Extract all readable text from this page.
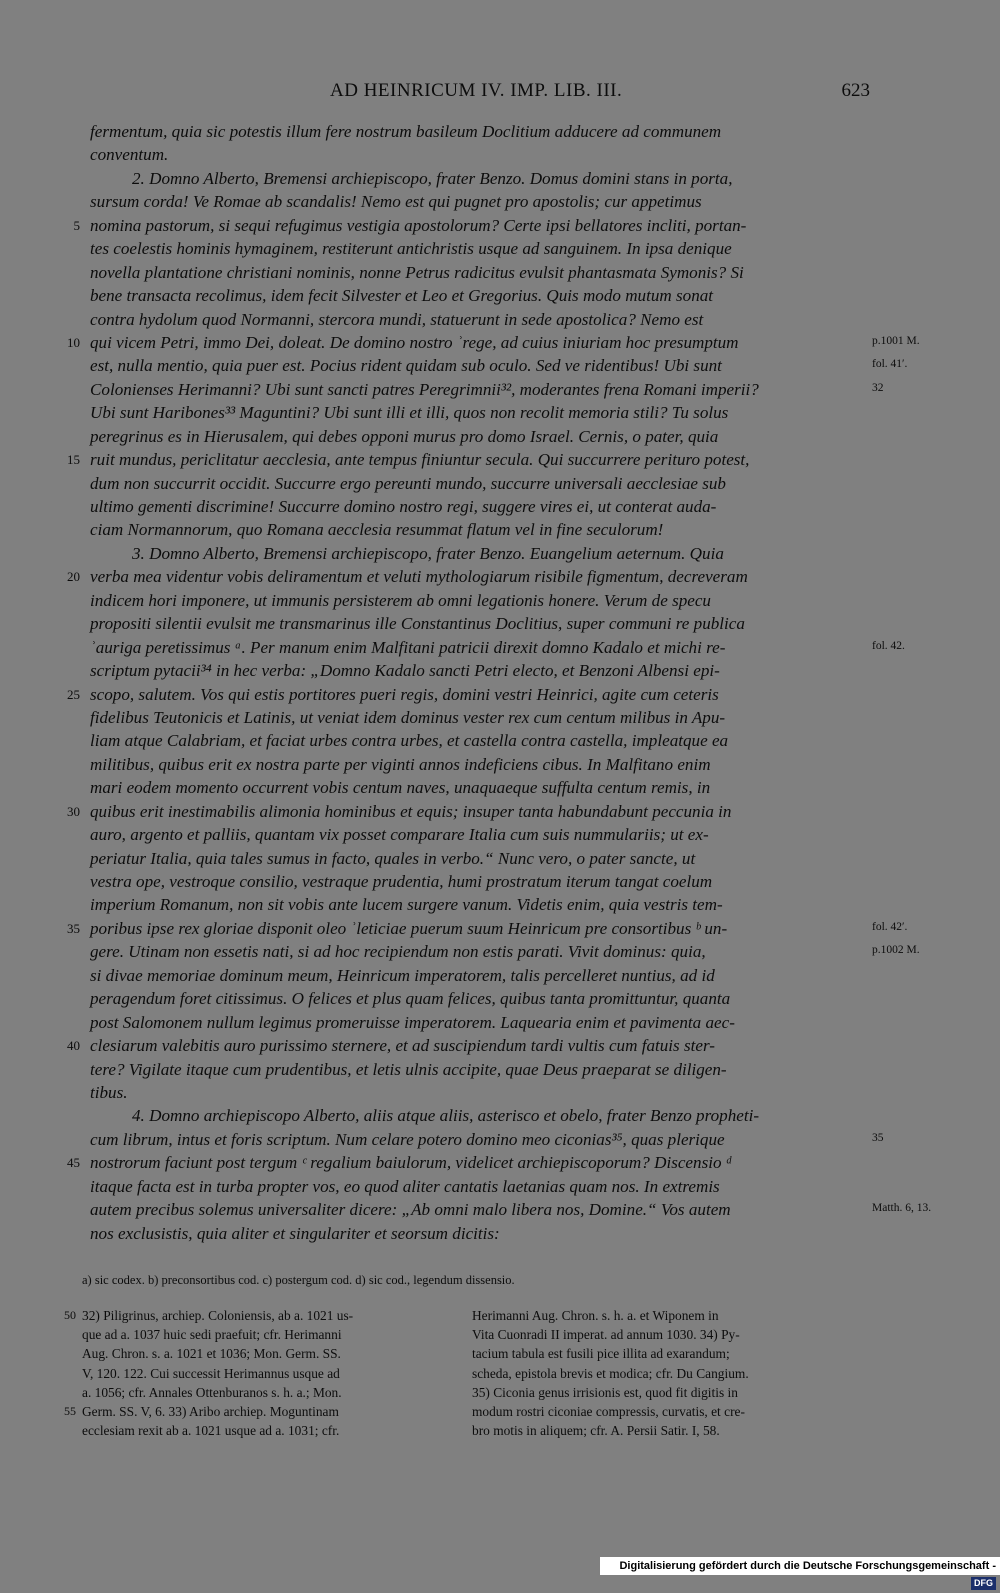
AD HEINRICUM IV. IMP. LIB. III.	623
fermentum, quia sic potestis illum fere nostrum basileum Doclitium adducere ad communem
conventum.
2. Domno Alberto, Bremensi archiepiscopo, frater Benzo. Domus domini stans in porta,
sursum corda! Ve Romae ab scandalis! Nemo est qui pugnet pro apostolis; cur appetimus
5 nomina pastorum, si sequi refugimus vestigia apostolorum? Certe ipsi bellatores incliti, portan-
tes coelestis hominis hymaginem, restiterunt antichristis usque ad sanguinem. In ipsa denique
novella plantatione christiani nominis, nonne Petrus radicitus evulsit phantasmata Symonis? Si
bene transacta recolimus, idem fecit Silvester et Leo et Gregorius. Quis modo mutum sonat
contra hydolum quod Normanni, stercora mundi, statuerunt in sede apostolica? Nemo est
10 qui vicem Petri, immo Dei, doleat. De domino nostro ʾrege, ad cuius iniuriam hoc presumptum	p.1001 M.
est, nulla mentio, quia puer est. Pocius rident quidam sub oculo. Sed ve ridentibus! Ubi sunt	fol. 41′.
Colonienses Herimanni? Ubi sunt sancti patres Peregrimnii³², moderantes frena Romani imperii?	32
Ubi sunt Haribones³³ Maguntini? Ubi sunt illi et illi, quos non recolit memoria stili? Tu solus
peregrinus es in Hierusalem, qui debes opponi murus pro domo Israel. Cernis, o pater, quia
15 ruit mundus, periclitatur aecclesia, ante tempus finiuntur secula. Qui succurrere perituro potest,
dum non succurrit occidit. Succurre ergo pereunti mundo, succurre universali aecclesiae sub
ultimo gementi discrimine! Succurre domino nostro regi, suggere vires ei, ut conterat auda-
ciam Normannorum, quo Romana aecclesia resummat flatum vel in fine seculorum!
3. Domno Alberto, Bremensi archiepiscopo, frater Benzo. Euangelium aeternum. Quia
20 verba mea videntur vobis deliramentum et veluti mythologiarum risibile figmentum, decreveram
indicem hori imponere, ut immunis persisterem ab omni legationis honere. Verum de specu
propositi silentii evulsit me transmarinus ille Constantinus Doclitius, super communi re publica
ʾauriga peretissimus ᵃ. Per manum enim Malfitani patricii direxit domno Kadalo et michi re-	fol. 42.
scriptum pytacii³⁴ in hec verba: „Domno Kadalo sancti Petri electo, et Benzoni Albensi epi-
25 scopo, salutem. Vos qui estis portitores pueri regis, domini vestri Heinrici, agite cum ceteris
fidelibus Teutonicis et Latinis, ut veniat idem dominus vester rex cum centum milibus in Apu-
liam atque Calabriam, et faciat urbes contra urbes, et castella contra castella, impleatque ea
militibus, quibus erit ex nostra parte per viginti annos indeficiens cibus. In Malfitano enim
mari eodem momento occurrent vobis centum naves, unaquaeque suffulta centum remis, in
30 quibus erit inestimabilis alimonia hominibus et equis; insuper tanta habundabunt peccunia in
auro, argento et palliis, quantam vix posset comparare Italia cum suis nummulariis; ut ex-
periatur Italia, quia tales sumus in facto, quales in verbo.“ Nunc vero, o pater sancte, ut
vestra ope, vestroque consilio, vestraque prudentia, humi prostratum iterum tangat coelum
imperium Romanum, non sit vobis ante lucem surgere vanum. Videtis enim, quia vestris tem-
35 poribus ipse rex gloriae disponit oleo ʾleticiae puerum suum Heinricum pre consortibus ᵇ un-	fol. 42′.
gere. Utinam non essetis nati, si ad hoc recipiendum non estis parati. Vivit dominus: quia,	p.1002 M.
si divae memoriae dominum meum, Heinricum imperatorem, talis percelleret nuntius, ad id
peragendum foret citissimus. O felices et plus quam felices, quibus tanta promittuntur, quanta
post Salomonem nullum legimus promeruisse imperatorem. Laquearia enim et pavimenta aec-
40 clesiarum valebitis auro purissimo sternere, et ad suscipiendum tardi vultis cum fatuis ster-
tere? Vigilate itaque cum prudentibus, et letis ulnis accipite, quae Deus praeparat se diligen-
tibus.
4. Domno archiepiscopo Alberto, aliis atque aliis, asterisco et obelo, frater Benzo propheti-
cum librum, intus et foris scriptum. Num celare potero domino meo ciconias³⁵, quas plerique	35
45 nostrorum faciunt post tergum ᶜ regalium baiulorum, videlicet archiepiscoporum? Discensio ᵈ
itaque facta est in turba propter vos, eo quod aliter cantatis laetanias quam nos. In extremis
autem precibus solemus universaliter dicere: „Ab omni malo libera nos, Domine.“ Vos autem	Matth. 6, 13.
nos exclusistis, quia aliter et singulariter et seorsum dicitis:
a) sic codex. b) preconsortibus cod. c) postergum cod. d) sic cod., legendum dissensio.
50 32) Piligrinus, archiep. Coloniensis, ab a. 1021 us-
que ad a. 1037 huic sedi praefuit; cfr. Herimanni
Aug. Chron. s. a. 1021 et 1036; Mon. Germ. SS.
V, 120. 122. Cui successit Herimannus usque ad
a. 1056; cfr. Annales Ottenburanos s. h. a.; Mon.
55 Germ. SS. V, 6. 33) Aribo archiep. Moguntinam
ecclesiam rexit ab a. 1021 usque ad a. 1031; cfr.
Herimanni Aug. Chron. s. h. a. et Wiponem in
Vita Cuonradi II imperat. ad annum 1030. 34) Py-
tacium tabula est fusili pice illita ad exarandum;
scheda, epistola brevis et modica; cfr. Du Cangium.
35) Ciconia genus irrisionis est, quod fit digitis in
modum rostri ciconiae compressis, curvatis, et cre-
bro motis in aliquem; cfr. A. Persii Satir. I, 58.
Digitalisierung gefördert durch die Deutsche Forschungsgemeinschaft - DFG
